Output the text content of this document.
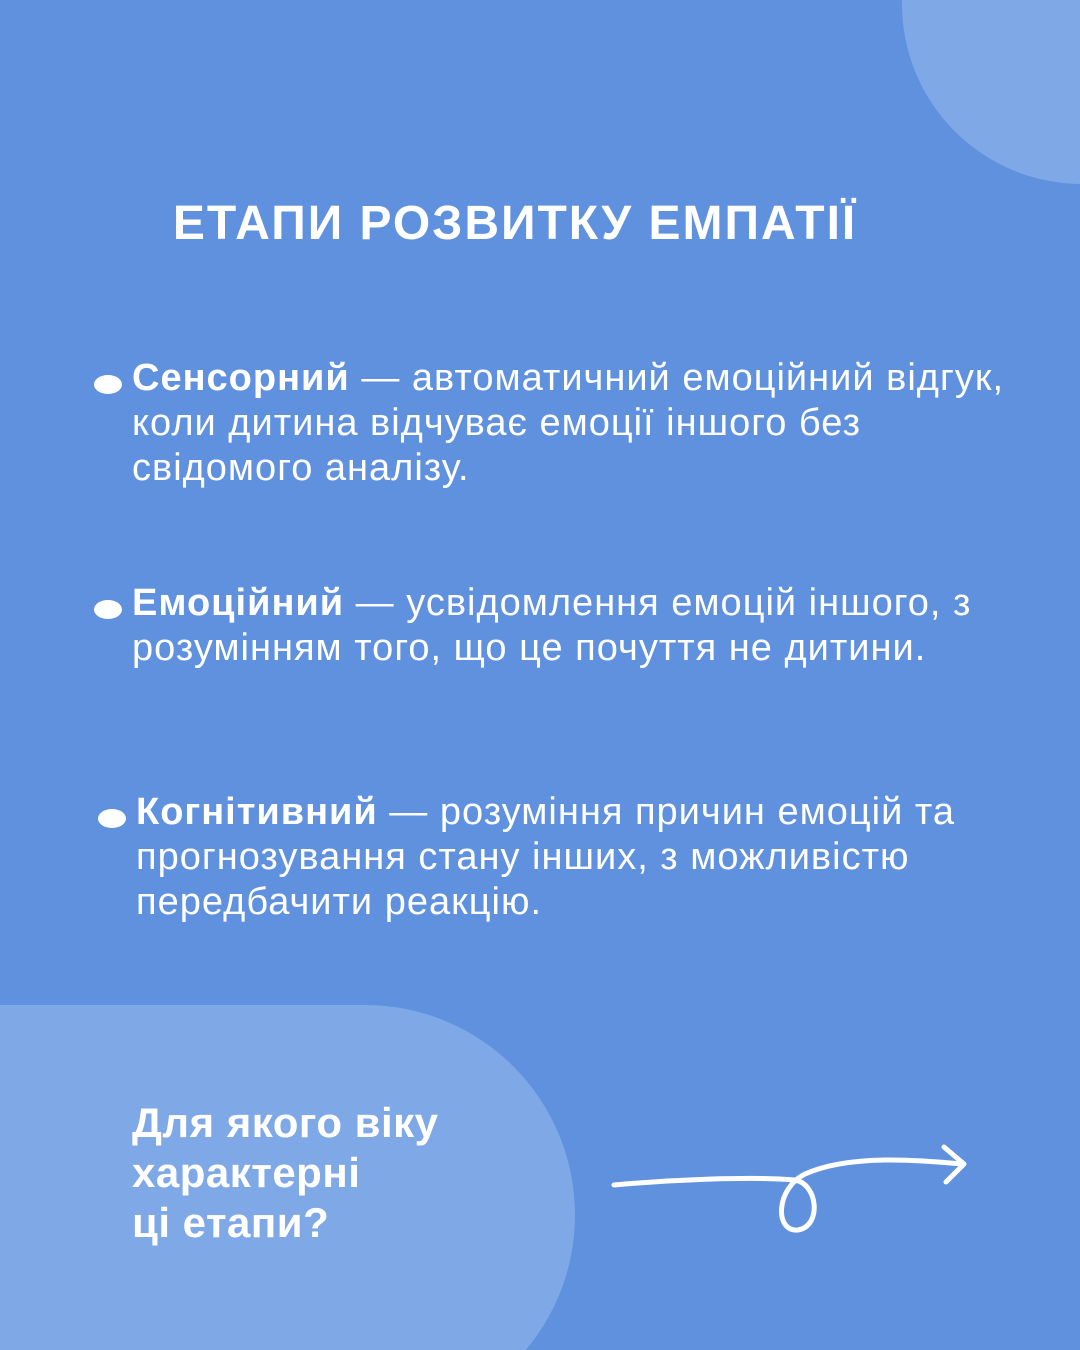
ЕТАПИ РОЗВИТКУ ЕМПАТІЇ

Сенсорний — автоматичний емоційний відгук, коли дитина відчуває емоції іншого без свідомого аналізу.

Емоційний — усвідомлення емоцій іншого, з розумінням того, що це почуття не дитини.

Когнітивний — розуміння причин емоцій та прогнозування стану інших, з можливістю передбачити реакцію.

Для якого віку
характерні
ці етапи?
